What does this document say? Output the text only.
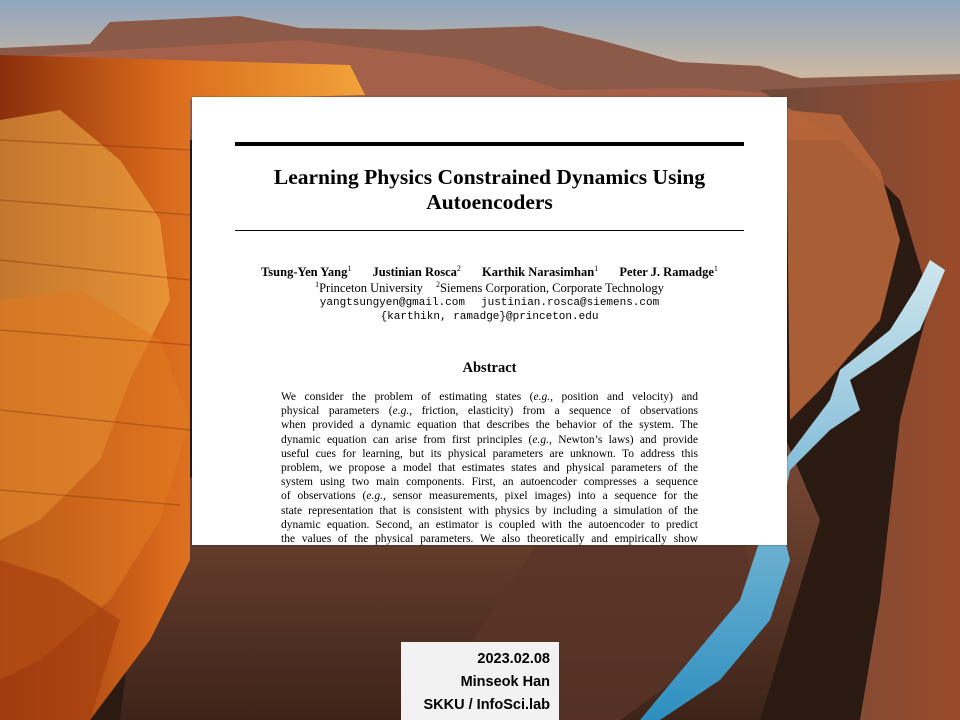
Learning Physics Constrained Dynamics Using
Autoencoders
Tsung-Yen Yang$^1$ Justinian Rosca$^2$ Karthik Narasimhan$^1$ Peter J. Ramadge$^1$
$^1$Princeton University $^2$Siemens Corporation, Corporate Technology
yangtsungyen@gmail.com justinian.rosca@siemens.com
{karthikn, ramadge}@princeton.edu
Abstract
We consider the problem of estimating states (e.g., position and velocity) and
physical parameters (e.g., friction, elasticity) from a sequence of observations
when provided a dynamic equation that describes the behavior of the system. The
dynamic equation can arise from first principles (e.g., Newton’s laws) and provide
useful cues for learning, but its physical parameters are unknown. To address this
problem, we propose a model that estimates states and physical parameters of the
system using two main components. First, an autoencoder compresses a sequence
of observations (e.g., sensor measurements, pixel images) into a sequence for the
state representation that is consistent with physics by including a simulation of the
dynamic equation. Second, an estimator is coupled with the autoencoder to predict
the values of the physical parameters. We also theoretically and empirically show
2023.02.08
Minseok Han
SKKU / InfoSci.lab
